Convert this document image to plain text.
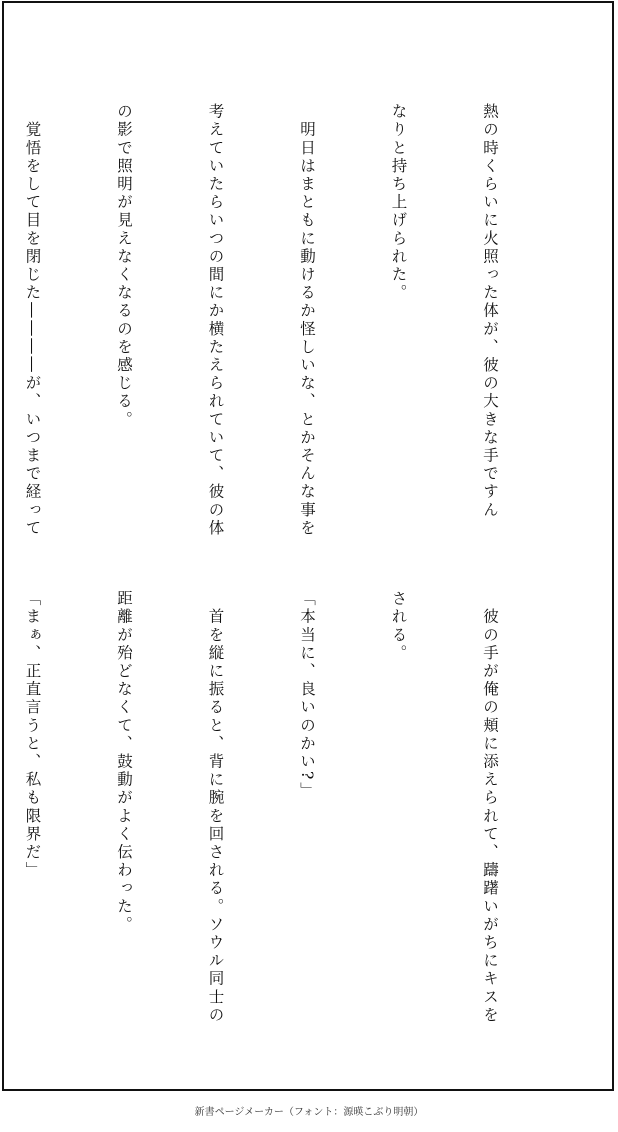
熱の時くらいに火照った体が、彼の大きな手ですん

なりと持ち上げられた。

　明日はまともに動けるか怪しいな、とかそんな事を

考えていたらいつの間にか横たえられていて、彼の体

の影で照明が見えなくなるのを感じる。

　覚悟をして目を閉じた――――が、いつまで経って

　彼の手が俺の頬に添えられて、躊躇いがちにキスを

される。

「本当に、良いのかい?」

　首を縦に振ると、背に腕を回される。ソウル同士の

距離が殆どなくて、鼓動がよく伝わった。

「まぁ、正直言うと、私も限界だ」

新書ページメーカー（フォント：源暎こぶり明朝）
